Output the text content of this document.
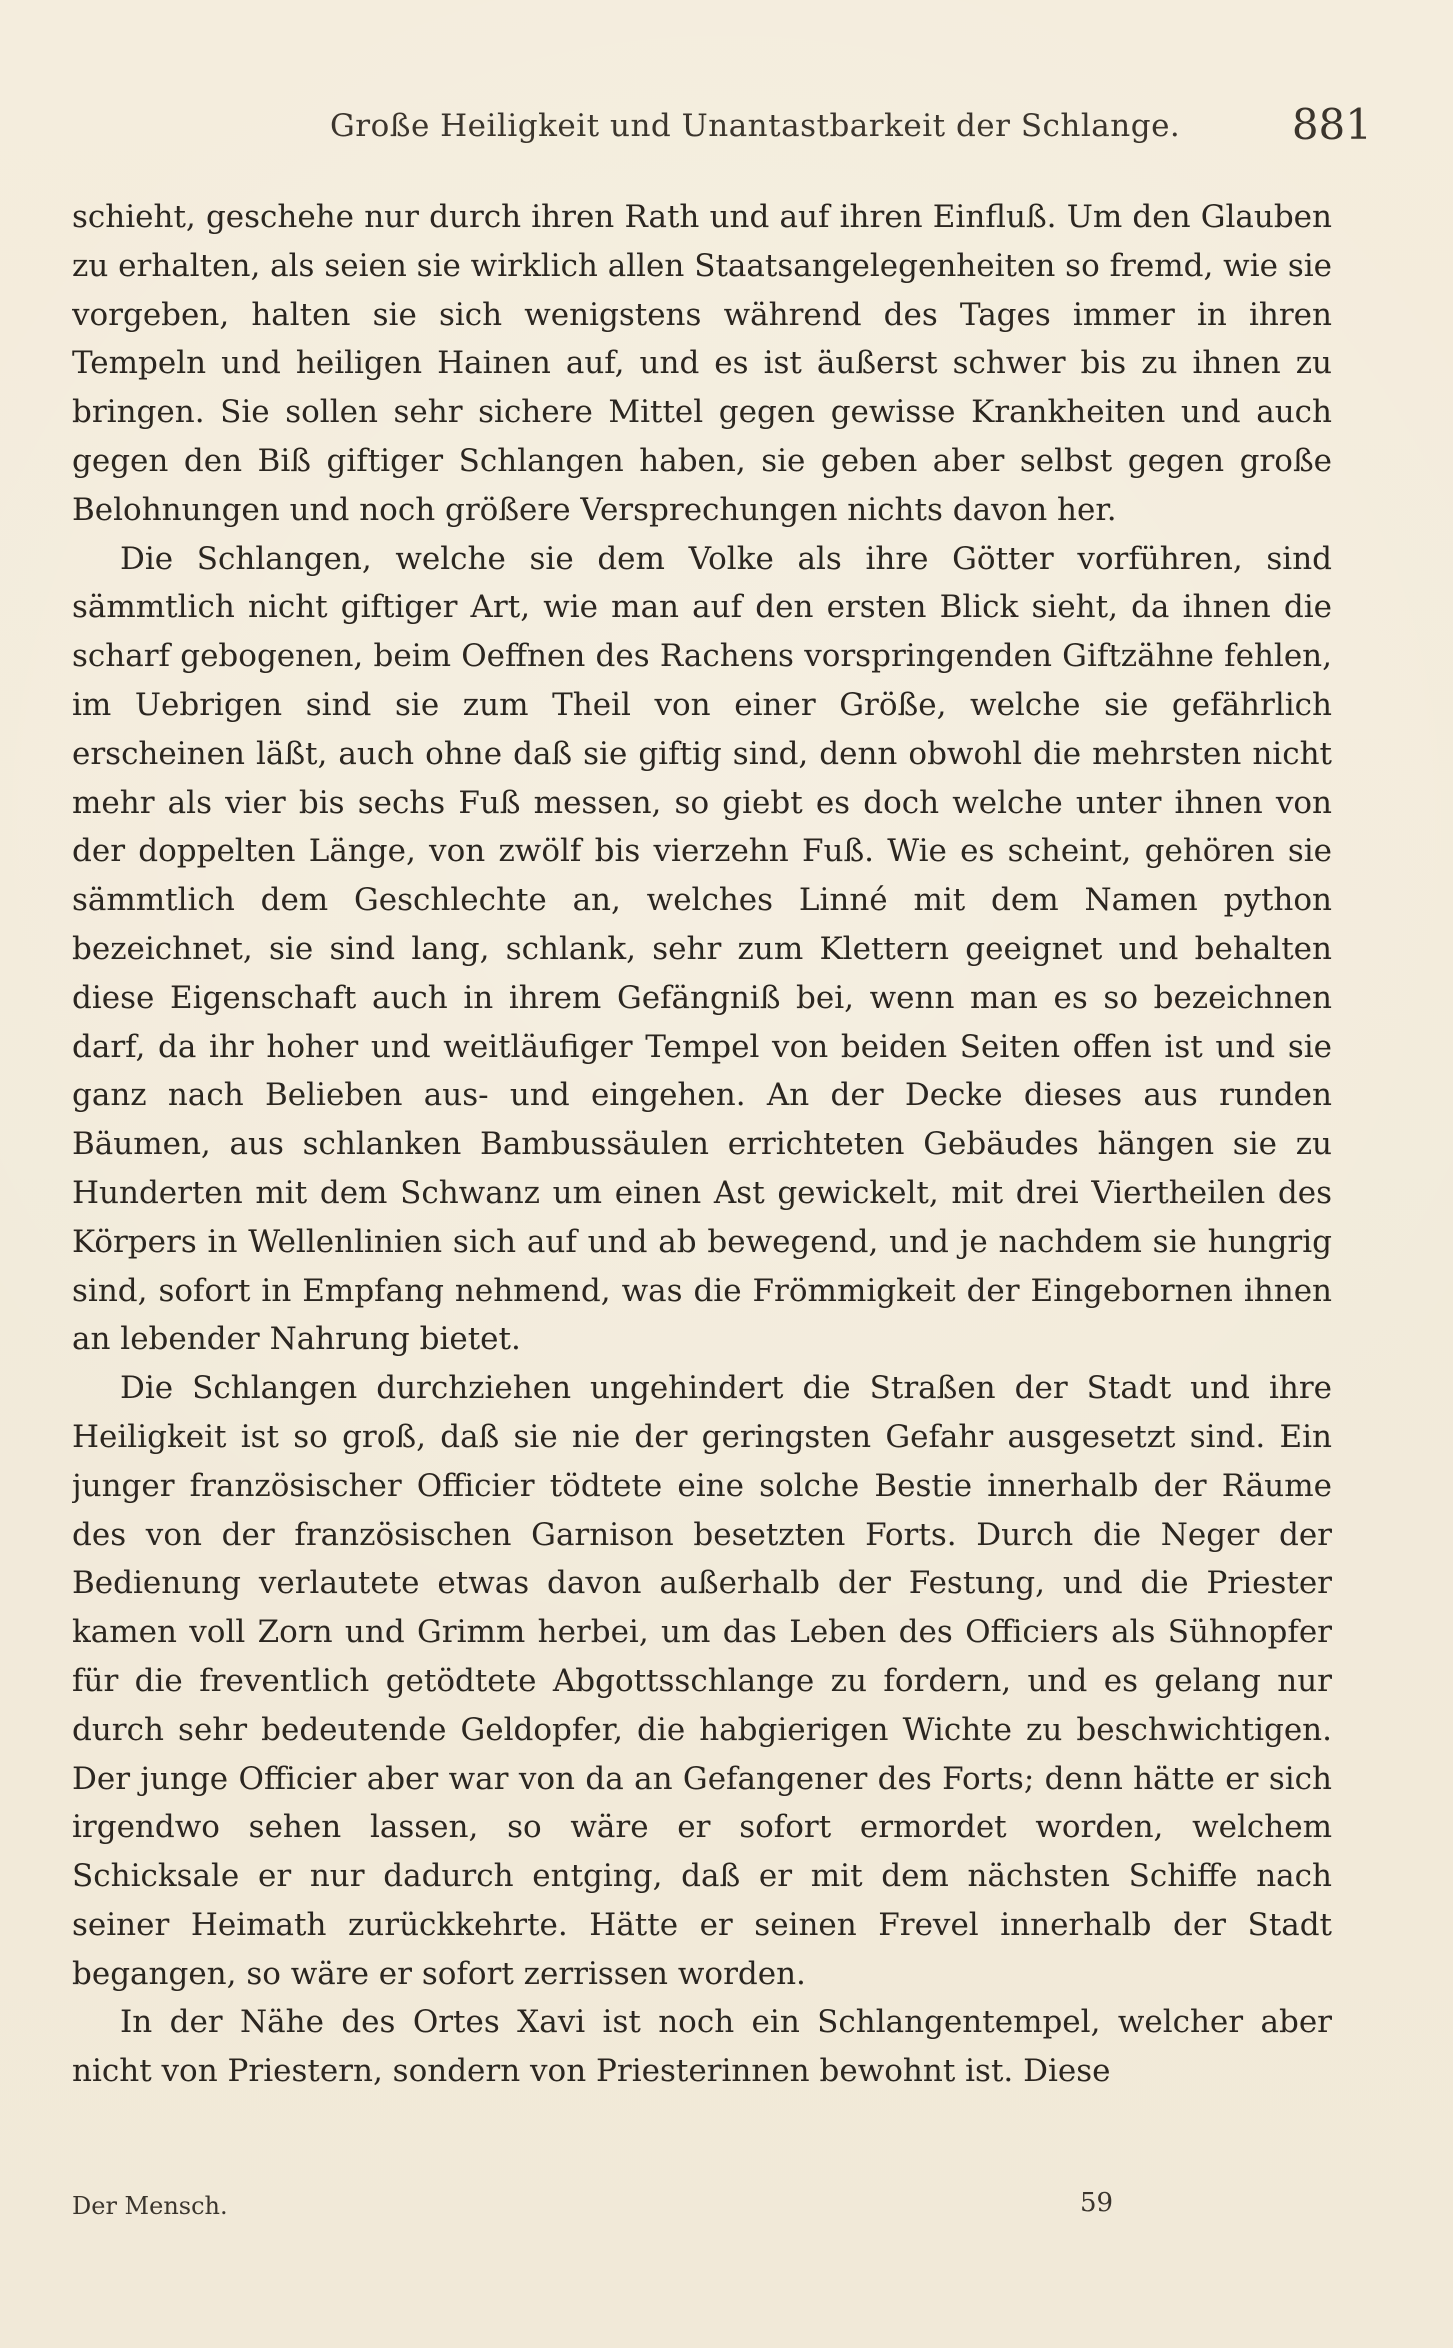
Große Heiligkeit und Unantastbarkeit der Schlange.	881

schieht, geschehe nur durch ihren Rath und auf ihren Einfluß. Um den Glauben zu erhalten, als seien sie wirklich allen Staatsangelegenheiten so fremd, wie sie vorgeben, halten sie sich wenigstens während des Tages immer in ihren Tempeln und heiligen Hainen auf, und es ist äußerst schwer bis zu ihnen zu bringen. Sie sollen sehr sichere Mittel gegen gewisse Krankheiten und auch gegen den Biß giftiger Schlangen haben, sie geben aber selbst gegen große Belohnungen und noch größere Versprechungen nichts davon her.

Die Schlangen, welche sie dem Volke als ihre Götter vorführen, sind sämmtlich nicht giftiger Art, wie man auf den ersten Blick sieht, da ihnen die scharf gebogenen, beim Oeffnen des Rachens vorspringenden Giftzähne fehlen, im Uebrigen sind sie zum Theil von einer Größe, welche sie gefährlich erscheinen läßt, auch ohne daß sie giftig sind, denn obwohl die mehrsten nicht mehr als vier bis sechs Fuß messen, so giebt es doch welche unter ihnen von der doppelten Länge, von zwölf bis vierzehn Fuß. Wie es scheint, gehören sie sämmtlich dem Geschlechte an, welches Linné mit dem Namen python bezeichnet, sie sind lang, schlank, sehr zum Klettern geeignet und behalten diese Eigenschaft auch in ihrem Gefängniß bei, wenn man es so bezeichnen darf, da ihr hoher und weitläufiger Tempel von beiden Seiten offen ist und sie ganz nach Belieben aus- und eingehen. An der Decke dieses aus runden Bäumen, aus schlanken Bambussäulen errichteten Gebäudes hängen sie zu Hunderten mit dem Schwanz um einen Ast gewickelt, mit drei Viertheilen des Körpers in Wellenlinien sich auf und ab bewegend, und je nachdem sie hungrig sind, sofort in Empfang nehmend, was die Frömmigkeit der Eingebornen ihnen an lebender Nahrung bietet.

Die Schlangen durchziehen ungehindert die Straßen der Stadt und ihre Heiligkeit ist so groß, daß sie nie der geringsten Gefahr ausgesetzt sind. Ein junger französischer Officier tödtete eine solche Bestie innerhalb der Räume des von der französischen Garnison besetzten Forts. Durch die Neger der Bedienung verlautete etwas davon außerhalb der Festung, und die Priester kamen voll Zorn und Grimm herbei, um das Leben des Officiers als Sühnopfer für die freventlich getödtete Abgottsschlange zu fordern, und es gelang nur durch sehr bedeutende Geldopfer, die habgierigen Wichte zu beschwichtigen. Der junge Officier aber war von da an Gefangener des Forts; denn hätte er sich irgendwo sehen lassen, so wäre er sofort ermordet worden, welchem Schicksale er nur dadurch entging, daß er mit dem nächsten Schiffe nach seiner Heimath zurückkehrte. Hätte er seinen Frevel innerhalb der Stadt begangen, so wäre er sofort zerrissen worden.

In der Nähe des Ortes Xavi ist noch ein Schlangentempel, welcher aber nicht von Priestern, sondern von Priesterinnen bewohnt ist. Diese

Der Mensch.	59
